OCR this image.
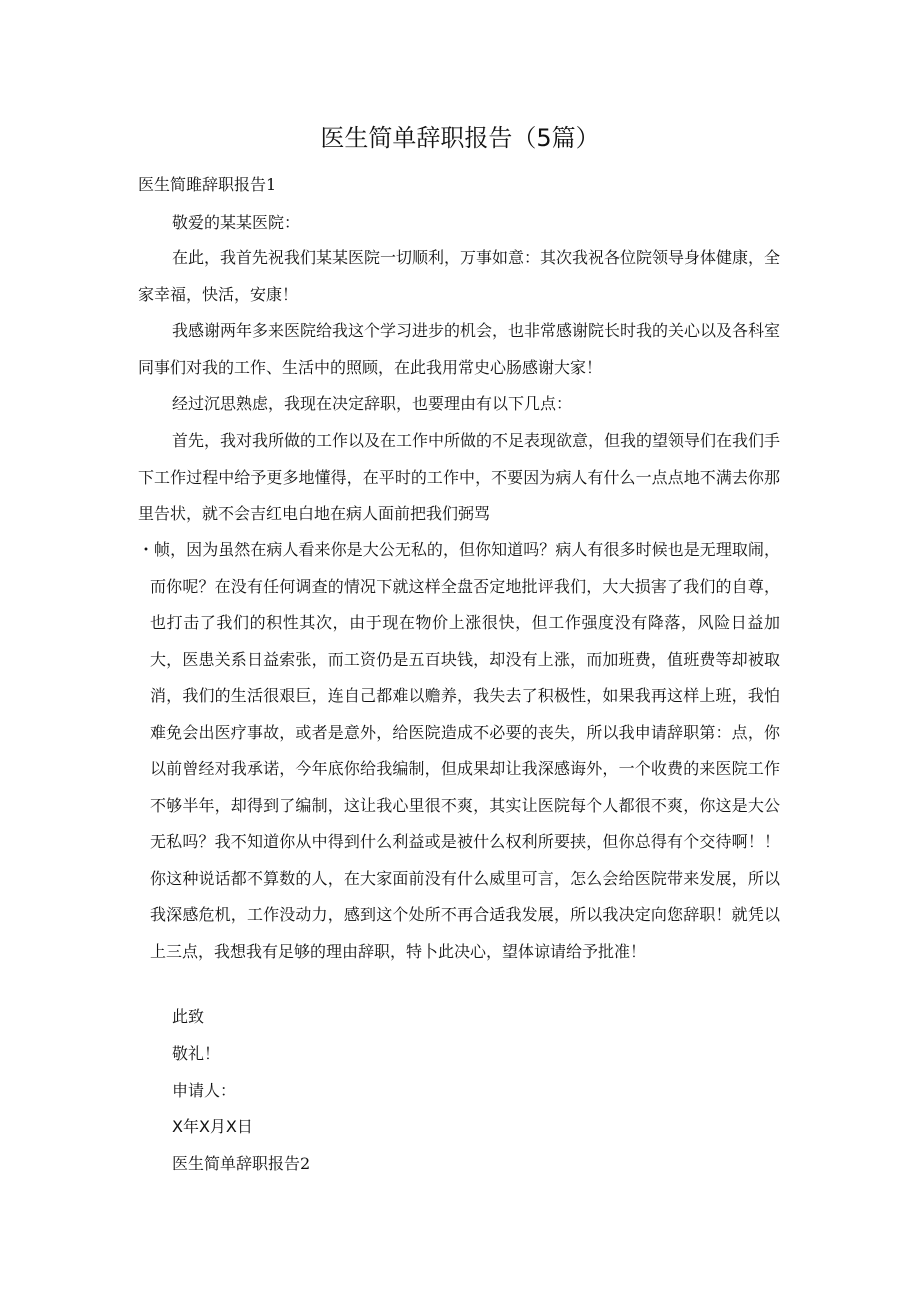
医生简单辞职报告（5篇）
医生简雎辞职报告1
敬爱的某某医院：
在此，我首先祝我们某某医院一切顺利，万事如意：其次我祝各位院领导身体健康，全家幸福，快活，安康！
我感谢两年多来医院给我这个学习进步的机会，也非常感谢院长时我的关心以及各科室同事们对我的工作、生活中的照顾，在此我用常史心肠感谢大家！
经过沉思熟虑，我现在决定辞职，也要理由有以下几点：
首先，我对我所做的工作以及在工作中所做的不足表现欲意，但我的望领导们在我们手下工作过程中给予更多地懂得，在平时的工作中，不要因为病人有什么一点点地不满去你那里告状，就不会吉红电白地在病人面前把我们弼骂
・帧，因为虽然在病人看来你是大公无私的，但你知道吗？病人有很多时候也是无理取闹，而你呢？在没有任何调查的情况下就这样全盘否定地批评我们，大大损害了我们的自尊，也打击了我们的积性其次，由于现在物价上涨很快，但工作强度没有降落，风险日益加大，医患关系日益索张，而工资仍是五百块钱，却没有上涨，而加班费，值班费等却被取消，我们的生活很艰巨，连自己都难以赡养，我失去了积极性，如果我再这样上班，我怕难免会出医疗事故，或者是意外，给医院造成不必要的丧失，所以我申请辞职第：点，你以前曾经对我承诺，今年底你给我编制，但成果却让我深感诲外，一个收费的来医院工作不够半年，却得到了编制，这让我心里很不爽，其实让医院每个人都很不爽，你这是大公无私吗？我不知道你从中得到什么利益或是被什么权利所要挟，但你总得有个交待啊！！你这种说话都不算数的人，在大家面前没有什么威里可言，怎么会给医院带来发展，所以我深感危机，工作没动力，感到这个处所不再合适我发展，所以我决定向您辞职！就凭以上三点，我想我有足够的理由辞职，特卜此决心，望体谅请给予批准！
此致
敬礼！
申请人：
X年X月X日
医生简单辞职报告2
